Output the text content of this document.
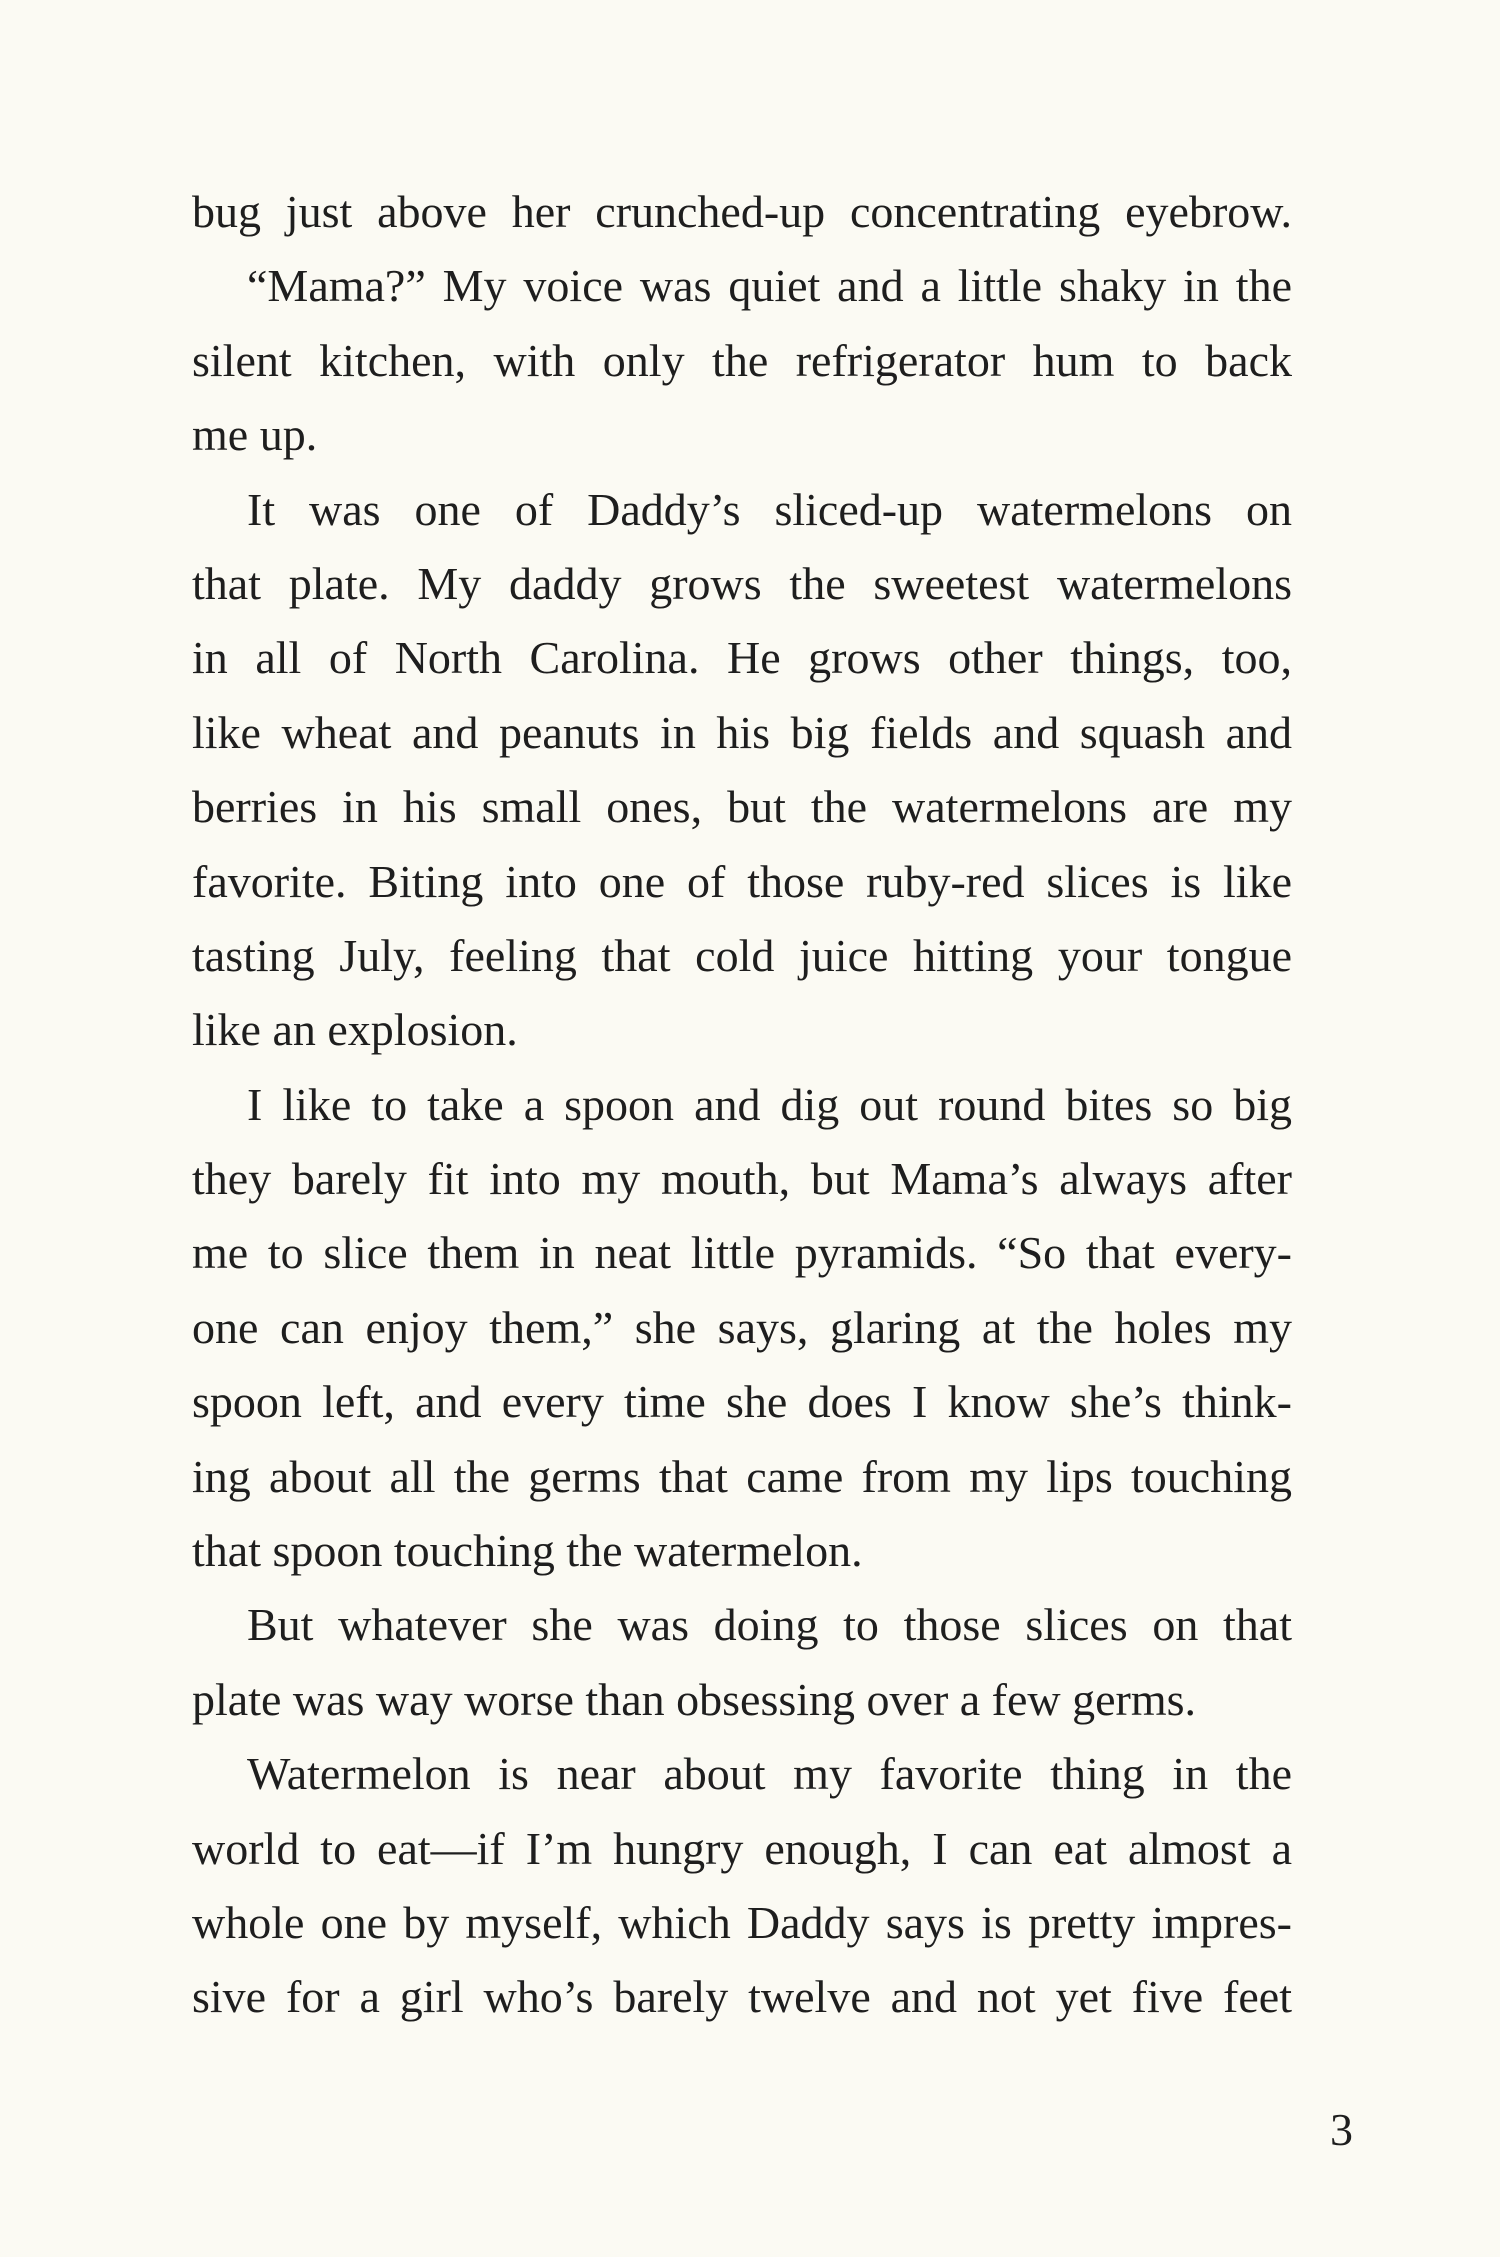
bug just above her crunched-up concentrating eyebrow.
“Mama?” My voice was quiet and a little shaky in the
silent kitchen, with only the refrigerator hum to back
me up.
It was one of Daddy’s sliced-up watermelons on
that plate. My daddy grows the sweetest watermelons
in all of North Carolina. He grows other things, too,
like wheat and peanuts in his big fields and squash and
berries in his small ones, but the watermelons are my
favorite. Biting into one of those ruby-red slices is like
tasting July, feeling that cold juice hitting your tongue
like an explosion.
I like to take a spoon and dig out round bites so big
they barely fit into my mouth, but Mama’s always after
me to slice them in neat little pyramids. “So that every-
one can enjoy them,” she says, glaring at the holes my
spoon left, and every time she does I know she’s think-
ing about all the germs that came from my lips touching
that spoon touching the watermelon.
But whatever she was doing to those slices on that
plate was way worse than obsessing over a few germs.
Watermelon is near about my favorite thing in the
world to eat—if I’m hungry enough, I can eat almost a
whole one by myself, which Daddy says is pretty impres-
sive for a girl who’s barely twelve and not yet five feet
3
